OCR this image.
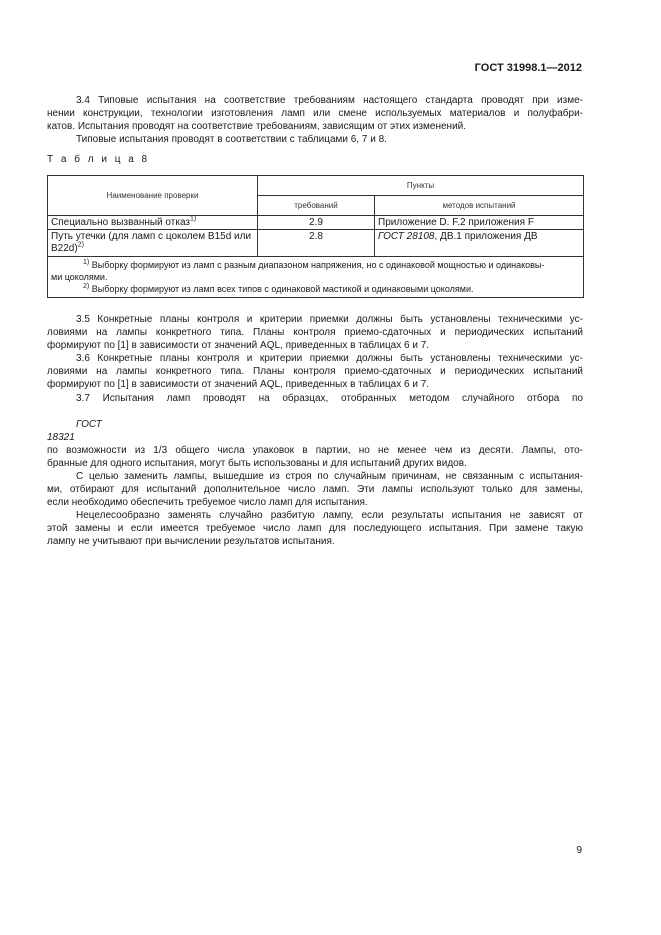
ГОСТ 31998.1—2012
3.4 Типовые испытания на соответствие требованиям настоящего стандарта проводят при изме-
нении конструкции, технологии изготовления ламп или смене используемых материалов и полуфабри-
катов. Испытания проводят на соответствие требованиям, зависящим от этих изменений.
Типовые испытания проводят в соответствии с таблицами 6, 7 и 8.
Т а б л и ц а 8
Наименование проверки	Пункты	
	требований	методов испытаний
Специально вызванный отказ$^{1)}$	2.9	Приложение D. F.2 приложения F

Путь утечки (для ламп с цоколем B15d или
B22d)$^{2)}$	2.8	ГОСТ 28108, ДВ.1 приложения ДВ

$^{1)}$ Выборку формируют из ламп с разным диапазоном напряжения, но с одинаковой мощностью и одинаковы-
ми цоколями.
$^{2)}$ Выборку формируют из ламп всех типов с одинаковой мастикой и одинаковыми цоколями.		
3.5 Конкретные планы контроля и критерии приемки должны быть установлены техническими ус-
ловиями на лампы конкретного типа. Планы контроля приемо-сдаточных и периодических испытаний
формируют по [1] в зависимости от значений AQL, приведенных в таблицах 6 и 7.
3.6 Конкретные планы контроля и критерии приемки должны быть установлены техническими ус-
ловиями на лампы конкретного типа. Планы контроля приемо-сдаточных и периодических испытаний
формируют по [1] в зависимости от значений AQL, приведенных в таблицах 6 и 7.
3.7 Испытания ламп проводят на образцах, отобранных методом случайного отбора по

ГОСТ
18321
по возможности из 1/3 общего числа упаковок в партии, но не менее чем из десяти. Лампы, ото-
бранные для одного испытания, могут быть использованы и для испытаний других видов.
С целью заменить лампы, вышедшие из строя по случайным причинам, не связанным с испытания-
ми, отбирают для испытаний дополнительное число ламп. Эти лампы используют только для замены,
если необходимо обеспечить требуемое число ламп для испытания.
Нецелесообразно заменять случайно разбитую лампу, если результаты испытания не зависят от
этой замены и если имеется требуемое число ламп для последующего испытания. При замене такую
лампу не учитывают при вычислении результатов испытания.
9
